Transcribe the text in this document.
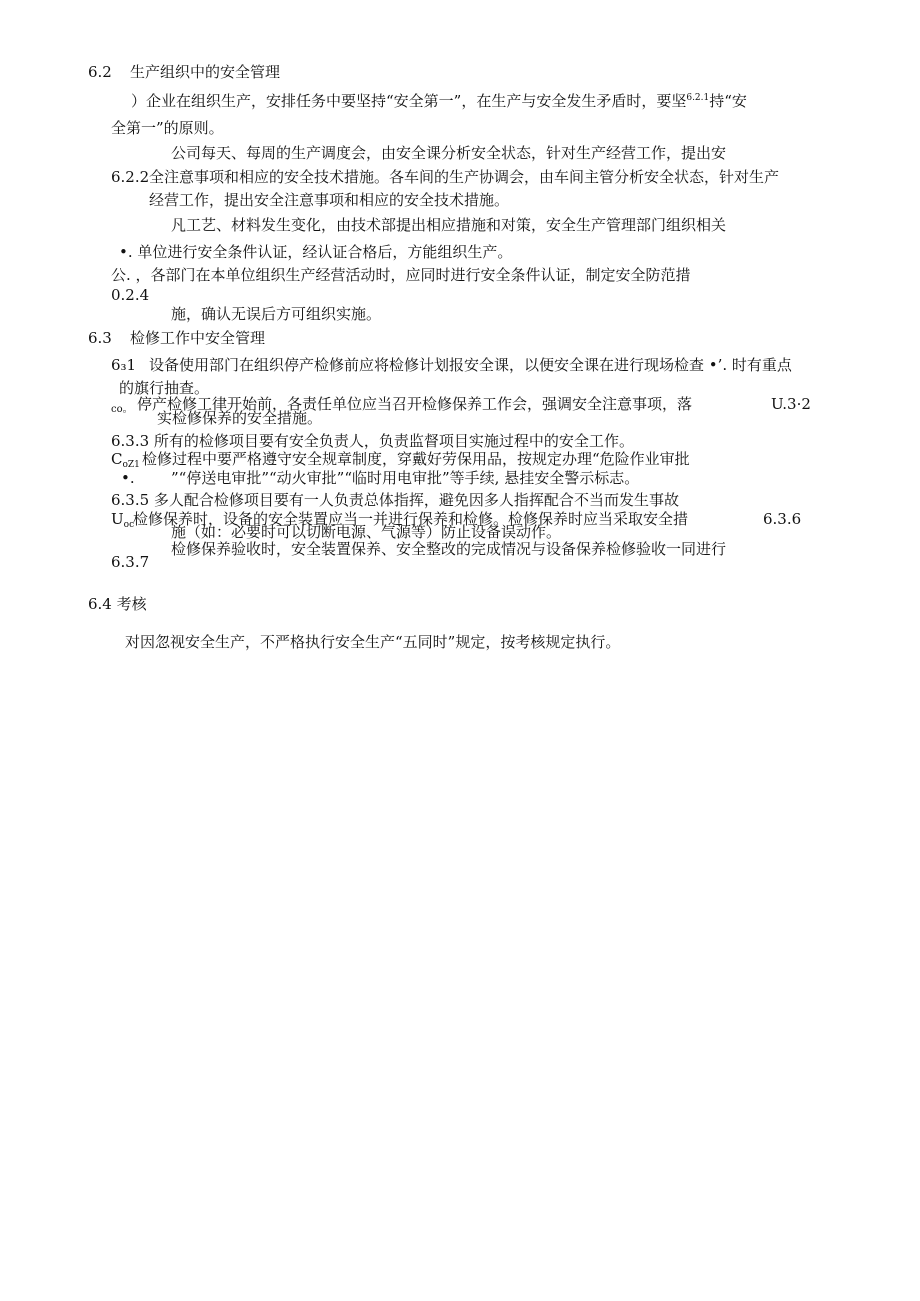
6.2 生产组织中的安全管理
）企业在组织生产，安排任务中要坚持“安全第一”，在生产与安全发生矛盾时，要坚$^{6.2.1}$持“安
全第一”的原则。
公司每天、每周的生产调度会，由安全课分析安全状态，针对生产经营工作，提出安
6.2.2 全注意事项和相应的安全技术措施。各车间的生产协调会，由车间主管分析安全状态，针对生产
经营工作，提出安全注意事项和相应的安全技术措施。
凡工艺、材料发生变化，由技术部提出相应措施和对策，安全生产管理部门组织相关
•. 单位进行安全条件认证，经认证合格后，方能组织生产。
公. ，各部门在本单位组织生产经营活动时，应同时进行安全条件认证，制定安全防范措
0.2.4
施，确认无误后方可组织实施。
6.3 检修工作中安全管理
6₃1 设备使用部门在组织停产检修前应将检修计划报安全课，以便安全课在进行现场检查 •’. 时有重点
的旗行抽查。
co。 停产检修工律开始前，各责任单位应当召开检修保养工作会，强调安全注意事项，落	U.3·2
实检修保养的安全措施。
6.3.3 所有的检修项目要有安全负责人，负责监督项目实施过程中的安全工作。
$C_{oZ1}$ 检修过程中要严格遵守安全规章制度，穿戴好劳保用品，按规定办理“危险作业审批
•. ”“停送电审批”“动火审批”“临时用电审批”等手续, 悬挂安全警示标志。
6.3.5 多人配合检修项目要有一人负责总体指挥，避免因多人指挥配合不当而发生事故
$U_{oc}$
检修保养时，设备的安全装置应当一并进行保养和检修。检修保养时应当采取安全措	6.3.6
施（如：必要时可以切断电源、气源等）防止设备误动作。
检修保养验收时，安全装置保养、安全整改的完成情况与设备保养检修验收一同进行
6.3.7
6.4 考核
对因忽视安全生产，不严格执行安全生产“五同时”规定，按考核规定执行。
